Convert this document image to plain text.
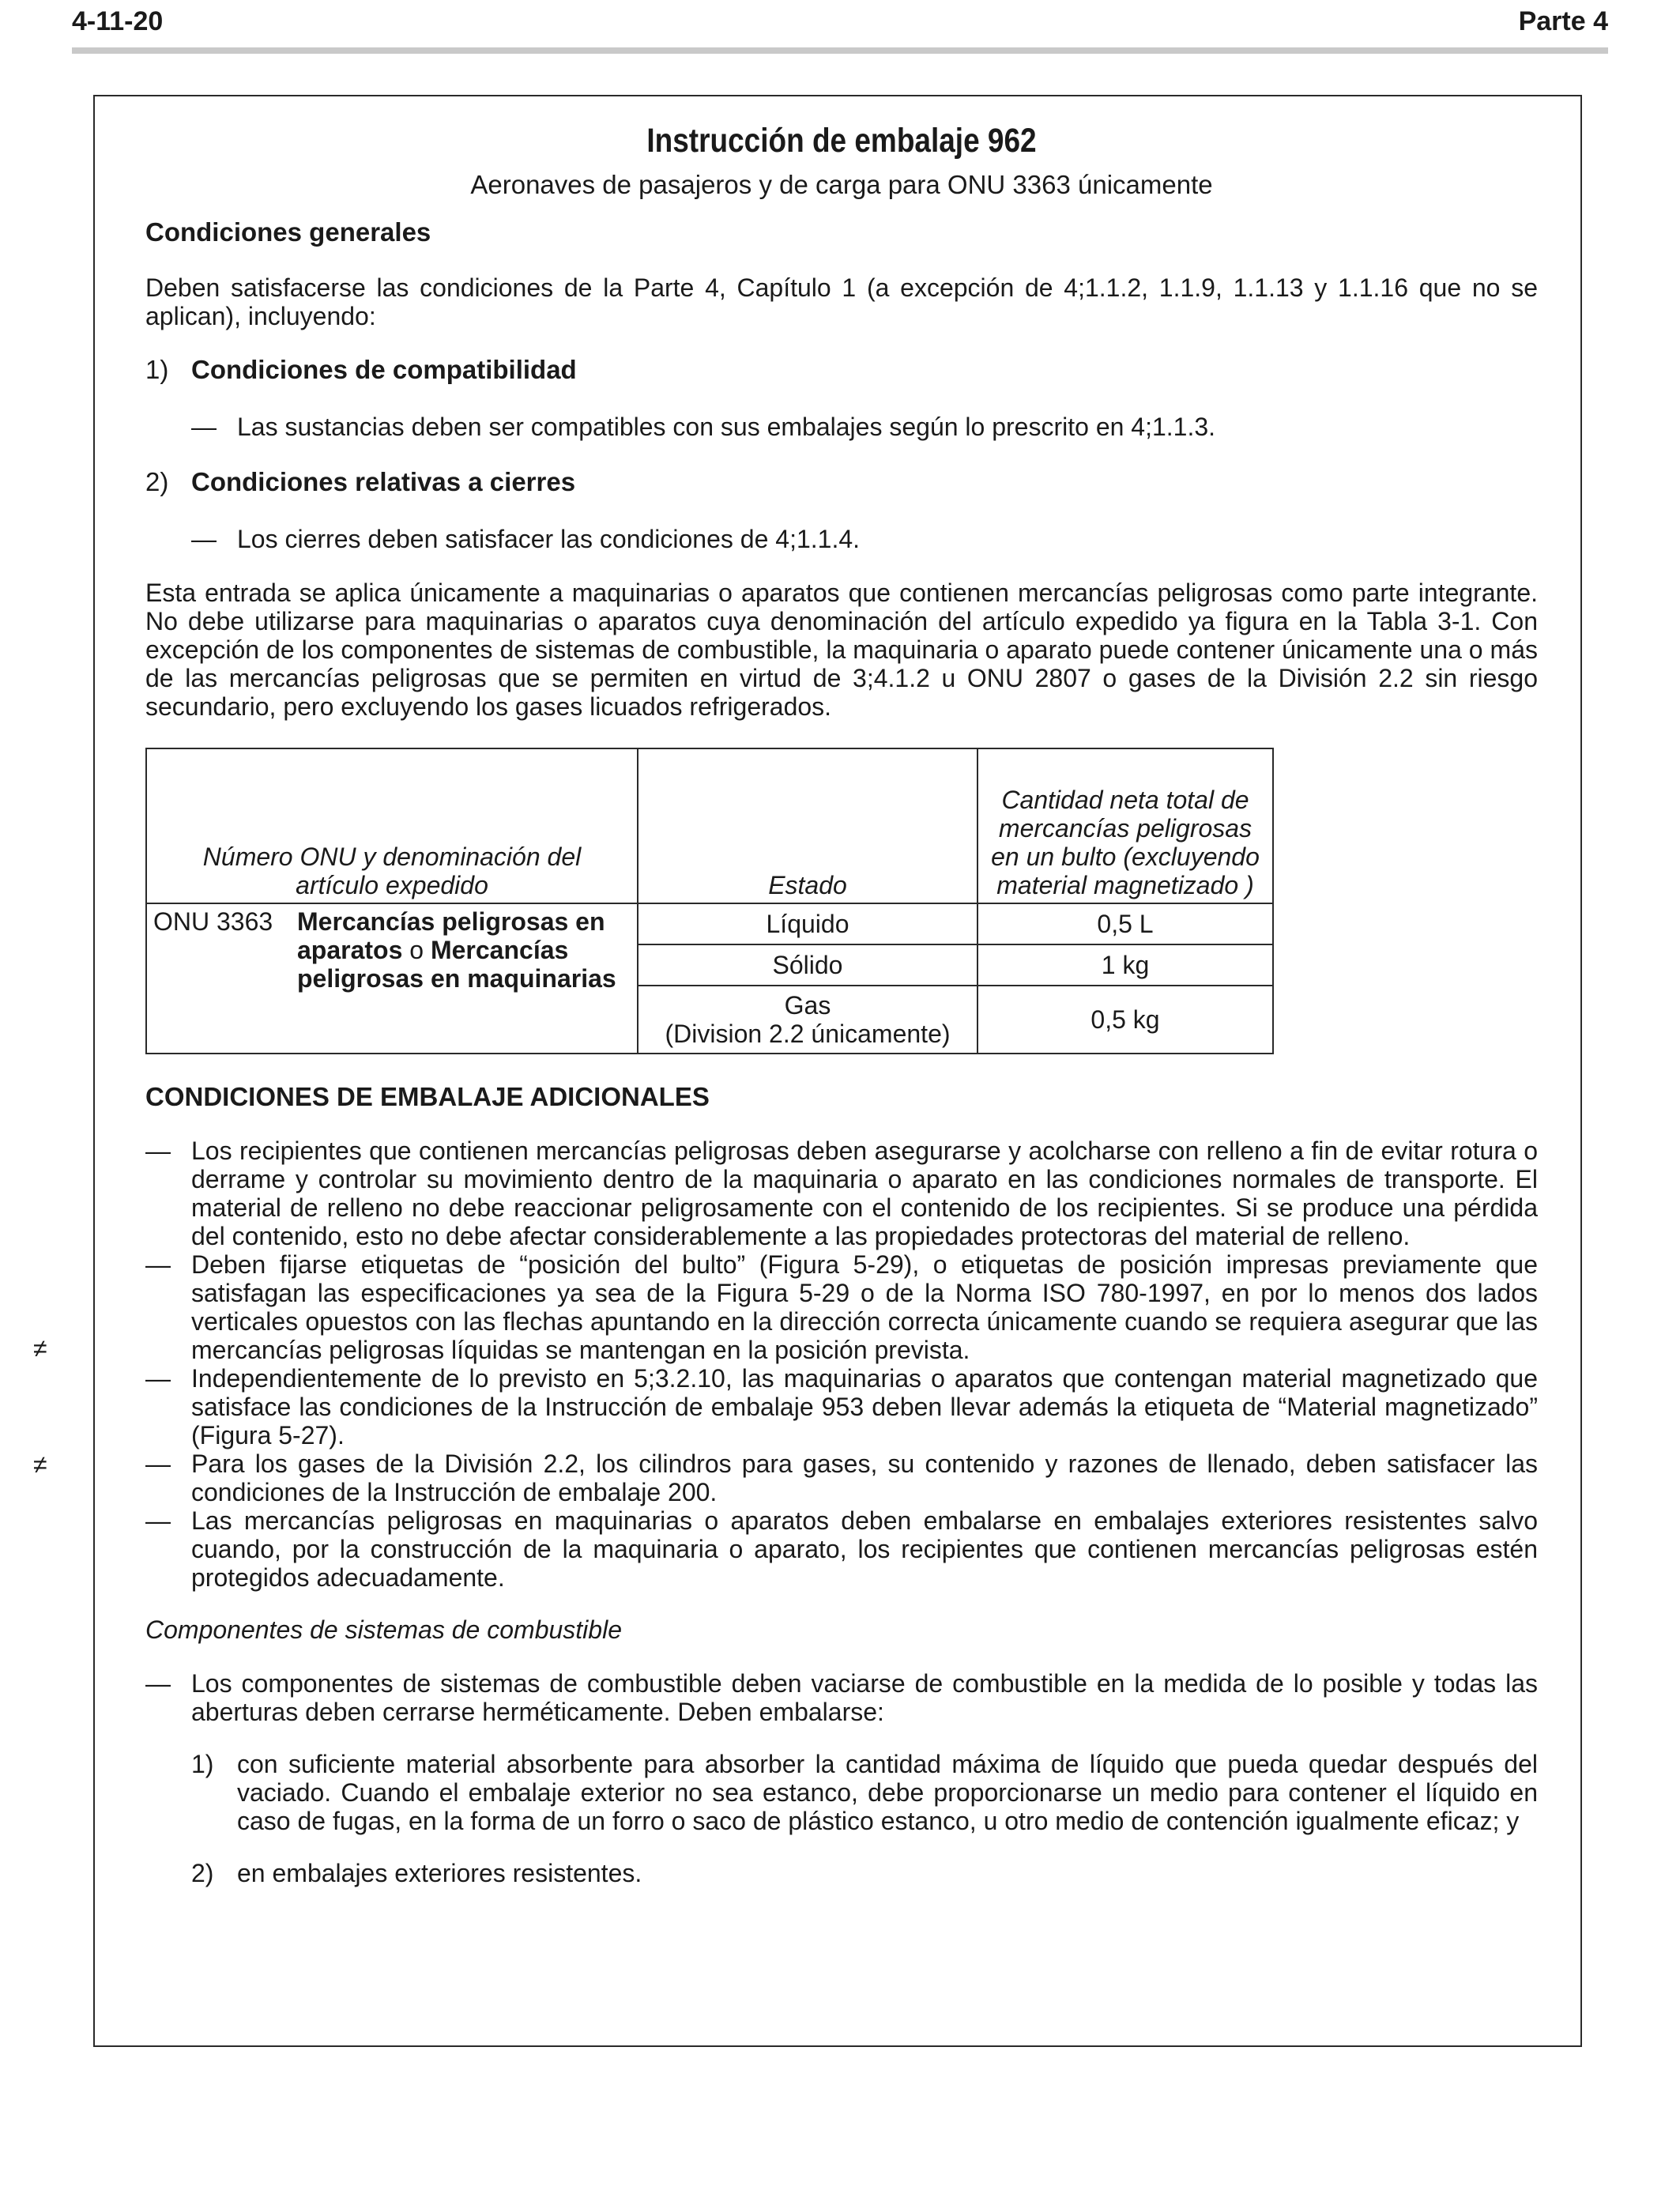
4-11-20	Parte 4
≠
≠
Instrucción de embalaje 962

Aeronaves de pasajeros y de carga para ONU 3363 únicamente

Condiciones generales

Deben satisfacerse las condiciones de la Parte 4, Capítulo 1 (a excepción de 4;1.1.2, 1.1.9, 1.1.13 y 1.1.16 que no se aplican), incluyendo:

1) Condiciones de compatibilidad
— Las sustancias deben ser compatibles con sus embalajes según lo prescrito en 4;1.1.3.
2) Condiciones relativas a cierres
— Los cierres deben satisfacer las condiciones de 4;1.1.4.

Esta entrada se aplica únicamente a maquinarias o aparatos que contienen mercancías peligrosas como parte integrante. No debe utilizarse para maquinarias o aparatos cuya denominación del artículo expedido ya figura en la Tabla 3-1. Con excepción de los componentes de sistemas de combustible, la maquinaria o aparato puede contener únicamente una o más de las mercancías peligrosas que se permiten en virtud de 3;4.1.2 u ONU 2807 o gases de la División 2.2 sin riesgo secundario, pero excluyendo los gases licuados refrigerados.

Número ONU y denominación del artículo expedido	Estado	Cantidad neta total de mercancías peligrosas en un bulto (excluyendo material magnetizado )

ONU 3363 Mercancías peligrosas en aparatos o Mercancías peligrosas en maquinarias	Líquido	0,5 L
	Sólido	1 kg

	Gas
(Division 2.2 únicamente)	0,5 kg
CONDICIONES DE EMBALAJE ADICIONALES
— Los recipientes que contienen mercancías peligrosas deben asegurarse y acolcharse con relleno a fin de evitar rotura o derrame y controlar su movimiento dentro de la maquinaria o aparato en las condiciones normales de transporte. El material de relleno no debe reaccionar peligrosamente con el contenido de los recipientes. Si se produce una pérdida del contenido, esto no debe afectar considerablemente a las propiedades protectoras del material de relleno.
— Deben fijarse etiquetas de “posición del bulto” (Figura 5-29), o etiquetas de posición impresas previamente que satisfagan las especificaciones ya sea de la Figura 5-29 o de la Norma ISO 780-1997, en por lo menos dos lados verticales opuestos con las flechas apuntando en la dirección correcta únicamente cuando se requiera asegurar que las mercancías peligrosas líquidas se mantengan en la posición prevista.
— Independientemente de lo previsto en 5;3.2.10, las maquinarias o aparatos que contengan material magnetizado que satisface las condiciones de la Instrucción de embalaje 953 deben llevar además la etiqueta de “Material magnetizado” (Figura 5-27).
— Para los gases de la División 2.2, los cilindros para gases, su contenido y razones de llenado, deben satisfacer las condiciones de la Instrucción de embalaje 200.
— Las mercancías peligrosas en maquinarias o aparatos deben embalarse en embalajes exteriores resistentes salvo cuando, por la construcción de la maquinaria o aparato, los recipientes que contienen mercancías peligrosas estén protegidos adecuadamente.
Componentes de sistemas de combustible
— Los componentes de sistemas de combustible deben vaciarse de combustible en la medida de lo posible y todas las aberturas deben cerrarse herméticamente. Deben embalarse:
1) con suficiente material absorbente para absorber la cantidad máxima de líquido que pueda quedar después del vaciado. Cuando el embalaje exterior no sea estanco, debe proporcionarse un medio para contener el líquido en caso de fugas, en la forma de un forro o saco de plástico estanco, u otro medio de contención igualmente eficaz; y
2) en embalajes exteriores resistentes.
